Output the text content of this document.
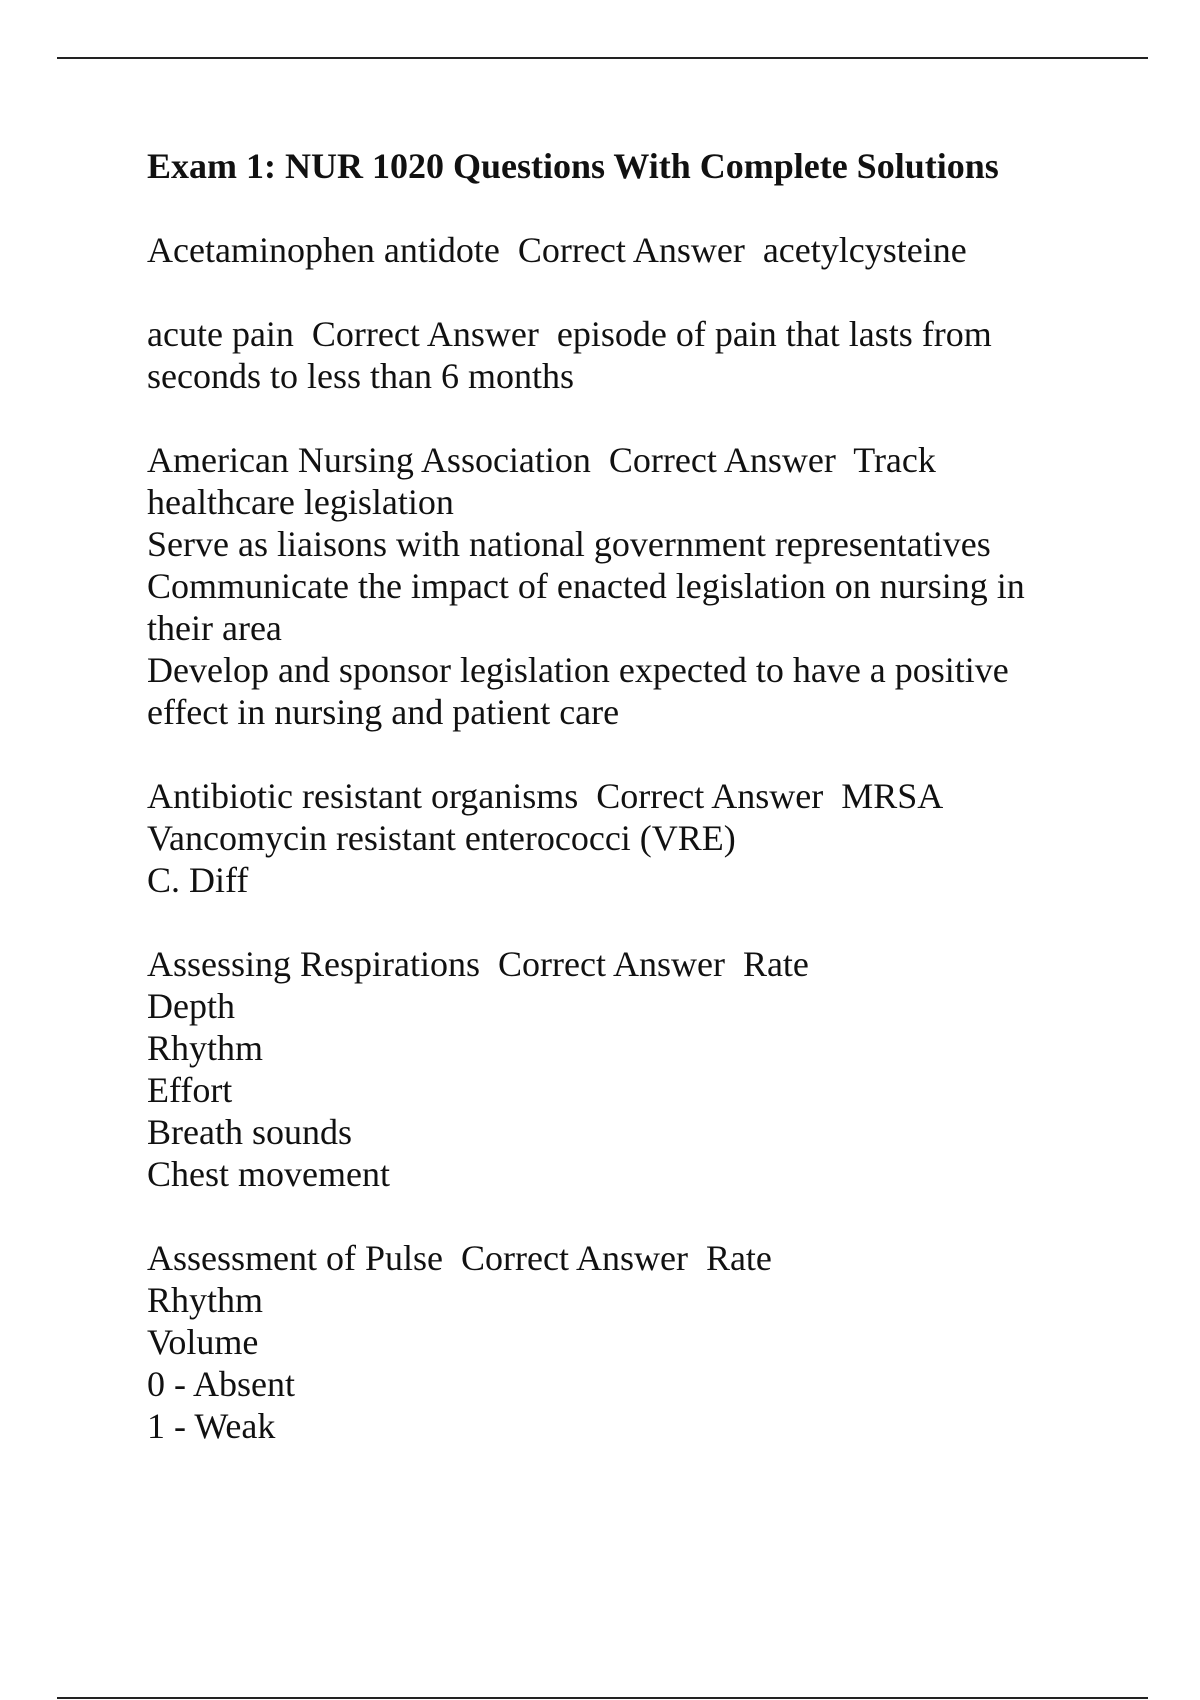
Exam 1: NUR 1020 Questions With Complete Solutions
Acetaminophen antidote Correct Answer acetylcysteine
acute pain Correct Answer episode of pain that lasts from seconds to less than 6 months
American Nursing Association Correct Answer Track healthcare legislation
Serve as liaisons with national government representatives
Communicate the impact of enacted legislation on nursing in their area
Develop and sponsor legislation expected to have a positive effect in nursing and patient care
Antibiotic resistant organisms Correct Answer MRSA
Vancomycin resistant enterococci (VRE)
C. Diff
Assessing Respirations Correct Answer Rate
Depth
Rhythm
Effort
Breath sounds
Chest movement
Assessment of Pulse Correct Answer Rate
Rhythm
Volume
0 - Absent
1 - Weak
